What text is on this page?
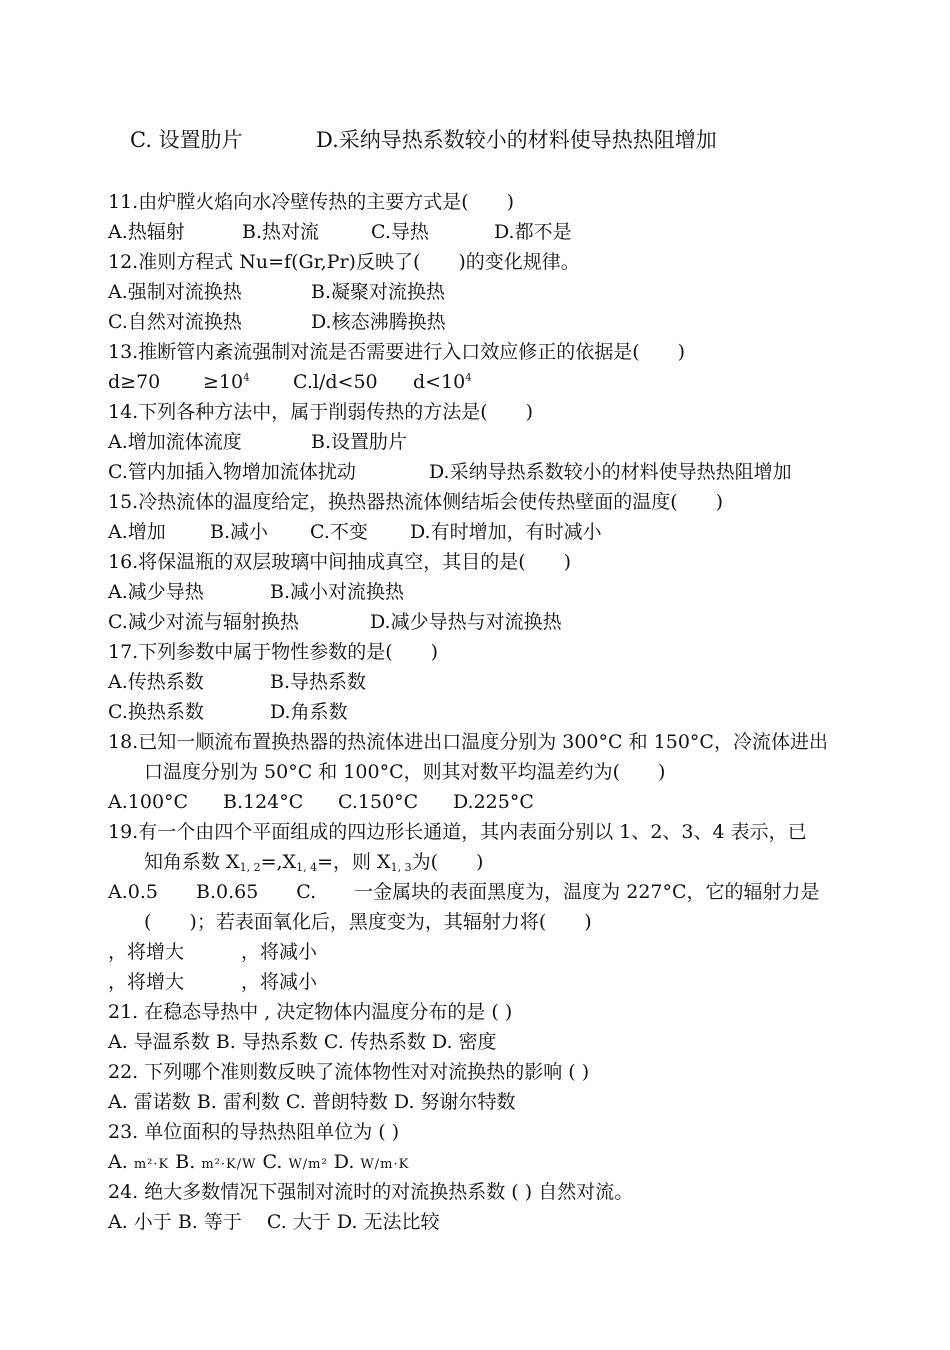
C. 设置肋片	D.采纳导热系数较小的材料使导热热阻增加
11.由炉膛火焰向水冷壁传热的主要方式是(　　)
A.热辐射	B.热对流	C.导热	D.都不是
12.准则方程式 Nu=f(Gr,Pr)反映了(　　)的变化规律。
A.强制对流换热	B.凝聚对流换热
C.自然对流换热	D.核态沸腾换热
13.推断管内紊流强制对流是否需要进行入口效应修正的依据是(　　)
$d\ge 70 \ge 10^4$ C.l/d<50 $d<10^4$
14.下列各种方法中，属于削弱传热的方法是(　　)
A.增加流体流度	B.设置肋片
C.管内加插入物增加流体扰动	D.采纳导热系数较小的材料使导热热阻增加
15.冷热流体的温度给定，换热器热流体侧结垢会使传热壁面的温度(　　)
A.增加 B.减小 C.不变 D.有时增加，有时减小
16.将保温瓶的双层玻璃中间抽成真空，其目的是(　　)
A.减少导热	B.减小对流换热
C.减少对流与辐射换热	D.减少导热与对流换热
17.下列参数中属于物性参数的是(　　)
A.传热系数	B.导热系数
C.换热系数	D.角系数
18.已知一顺流布置换热器的热流体进出口温度分别为 300°C 和 150°C，冷流体进出
口温度分别为 50°C 和 100°C，则其对数平均温差约为(　　)
A.100°C B.124°C C.150°C D.225°C
19.有一个由四个平面组成的四边形长通道，其内表面分别以 1、2、3、4 表示，已
知角系数 $X_{1, 2}=,X_{1, 4}=$，则 $X_{1, 3}$为(　　)
A.0.5　　B.0.65　　C.　　一金属块的表面黑度为，温度为 227°C，它的辐射力是
(　　)；若表面氧化后，黑度变为，其辐射力将(　　)
，将增大　　　，将减小
，将增大　　　，将减小
21. 在稳态导热中 , 决定物体内温度分布的是 ( )
A. 导温系数 B. 导热系数 C. 传热系数 D. 密度
22. 下列哪个准则数反映了流体物性对对流换热的影响 ( )
A. 雷诺数 B. 雷利数 C. 普朗特数 D. 努谢尔特数
23. 单位面积的导热热阻单位为 ( )
A. m²·K B. m²·K/W C. W/m² D. W/m·K
24. 绝大多数情况下强制对流时的对流换热系数 ( ) 自然对流。
A. 小于 B. 等于　 C. 大于 D. 无法比较
